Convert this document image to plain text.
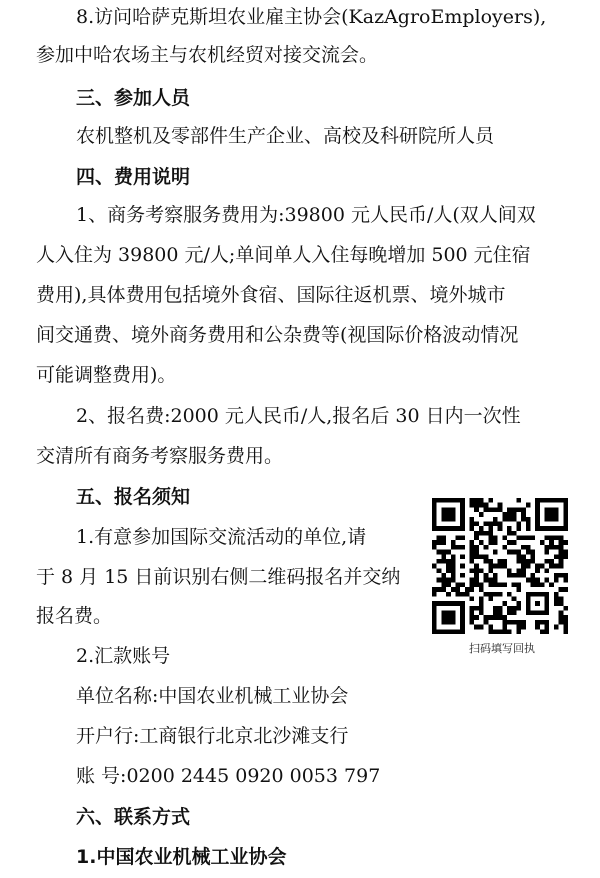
8.访问哈萨克斯坦农业雇主协会(KazAgroEmployers),
参加中哈农场主与农机经贸对接交流会。
三、参加人员
农机整机及零部件生产企业、高校及科研院所人员
四、费用说明
1、商务考察服务费用为:39800 元人民币/人(双人间双
人入住为 39800 元/人;单间单人入住每晚增加 500 元住宿
费用),具体费用包括境外食宿、国际往返机票、境外城市
间交通费、境外商务费用和公杂费等(视国际价格波动情况
可能调整费用)。
2、报名费:2000 元人民币/人,报名后 30 日内一次性
交清所有商务考察服务费用。
五、报名须知
1.有意参加国际交流活动的单位,请
于 8 月 15 日前识别右侧二维码报名并交纳
报名费。
2.汇款账号
单位名称:中国农业机械工业协会
开户行:工商银行北京北沙滩支行
账 号:0200 2445 0920 0053 797
六、联系方式
1.中国农业机械工业协会
扫码填写回执
